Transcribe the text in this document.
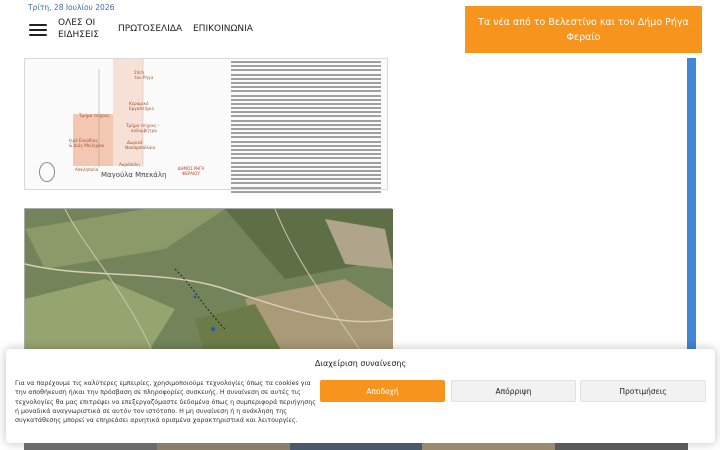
Τρίτη, 28 Ιουλίου 2026
ΟΛΕΣ ΟΙ
ΕΙΔΗΣΕΙΣ
ΠΡΩΤΟΣΕΛΙΔΑ ΕΠΙΚΟΙΝΩΝΙΑ
Τα νέα από το Βελεστίνο και τον Δήμο Ρήγα Φεραίο
Σπίτι
του Ρήγα
Κεραμικό
Εργαστήριο
Τμήμα τείχους
Τμήμα τείχους -
κολυμβήτρα
Ιερό Εννοδίας
& Διός Μειλιχίου
Ασκληπιείο
Δωρικό
Ναοπροπύλαιο
Ακρόπολη
Μαγούλα Μπεκάλη
ΔΗΜΟΣ ΡΗΓΑ ΦΕΡΑΙΟΥ
Διαχείριση συναίνεσης
Για να παρέχουμε τις καλύτερες εμπειρίες, χρησιμοποιούμε τεχνολογίες όπως τα cookies για την αποθήκευση ή/και την πρόσβαση σε πληροφορίες συσκευής. Η συναίνεση σε αυτές τις τεχνολογίες θα μας επιτρέψει να επεξεργαζόμαστε δεδομένα όπως η συμπεριφορά περιήγησης ή μοναδικά αναγνωριστικά σε αυτόν τον ιστότοπο. Η μη συναίνεση ή η ανάκληση της συγκατάθεσης μπορεί να επηρεάσει αρνητικά ορισμένα χαρακτηριστικά και λειτουργίες.
Αποδοχή	Απόρριψη	Προτιμήσεις
